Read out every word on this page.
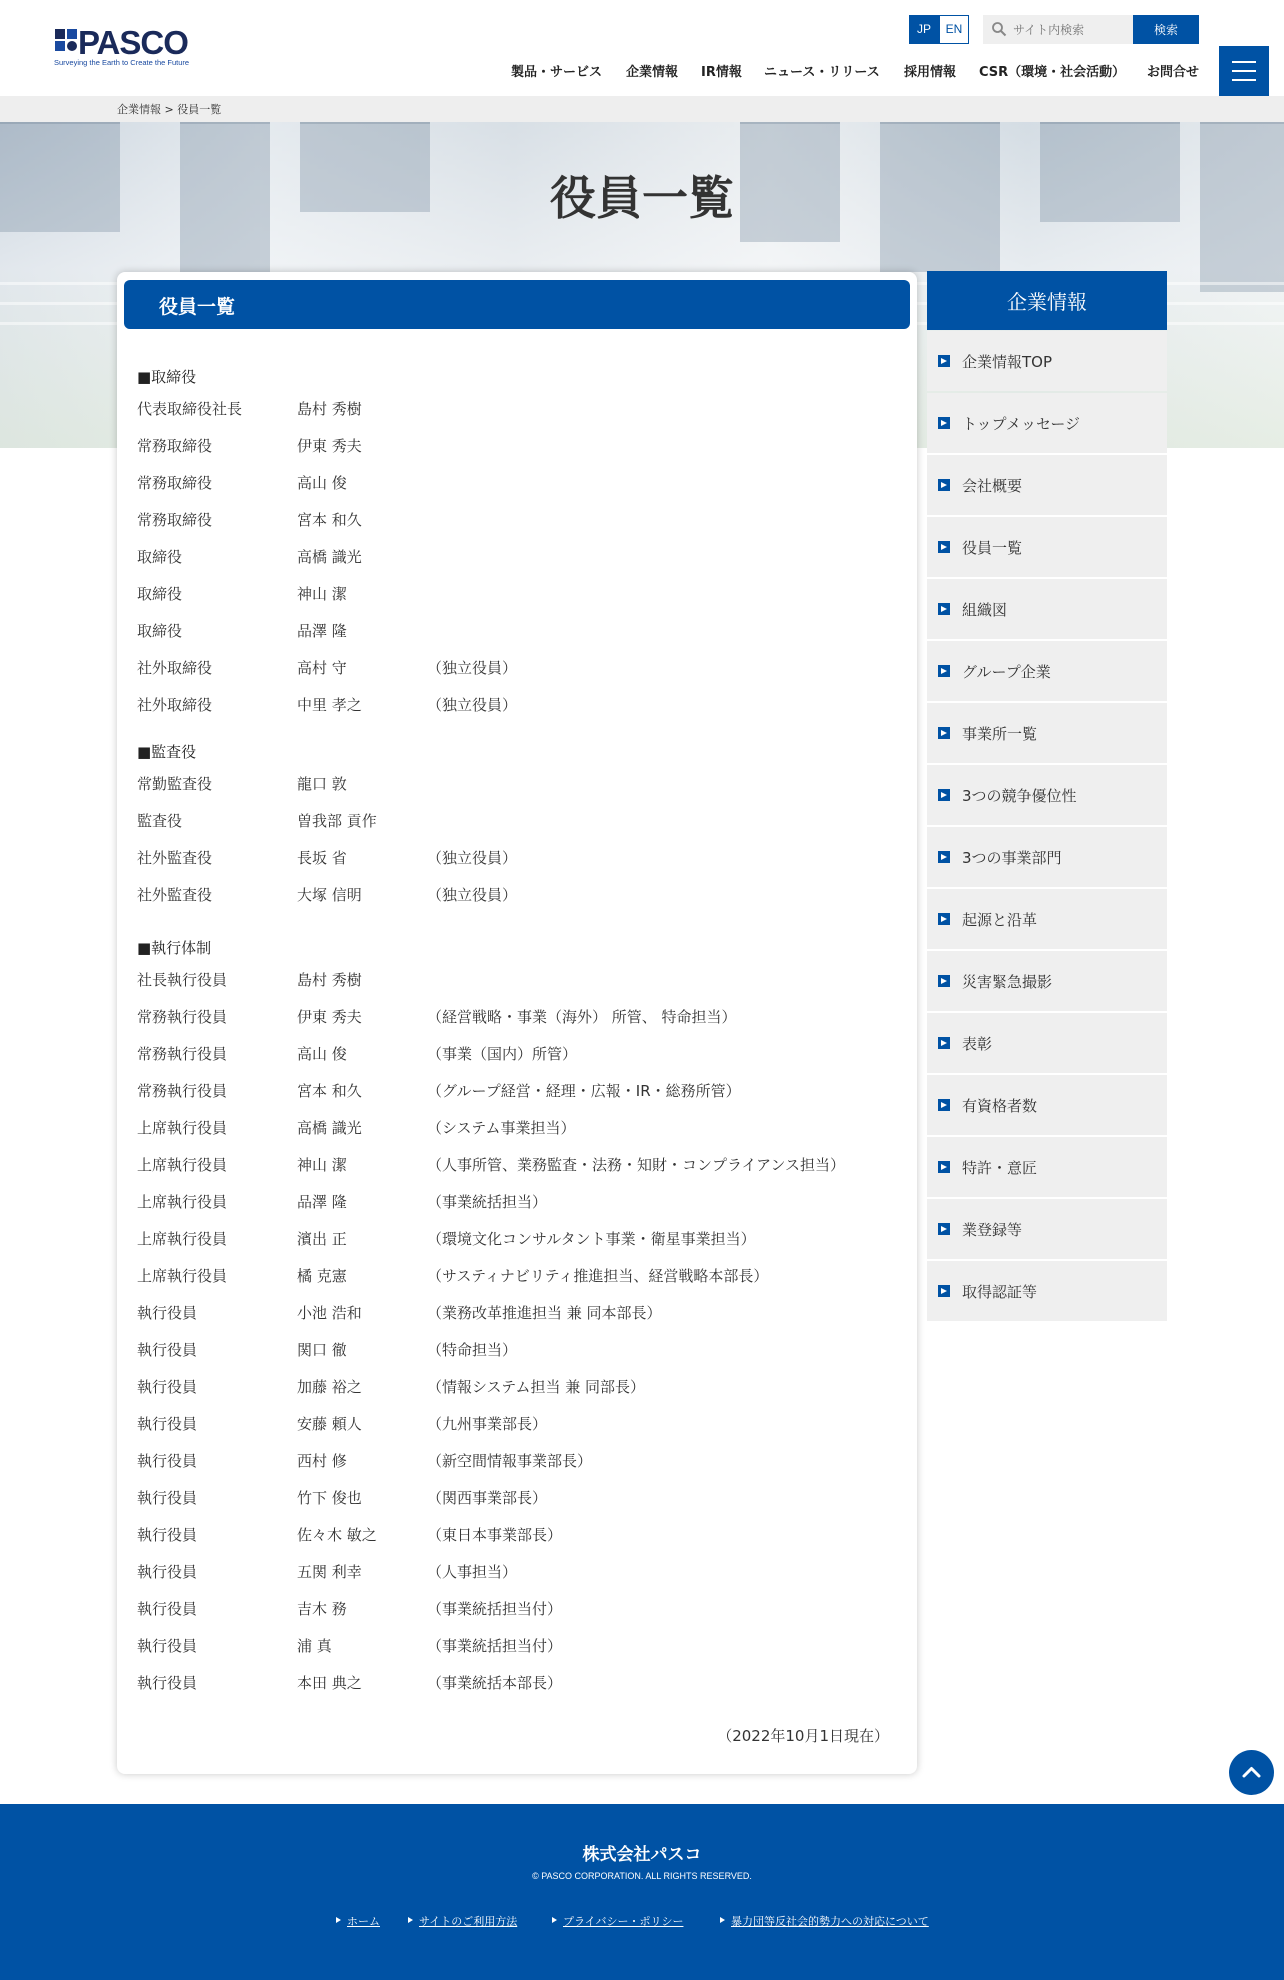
PASCO
Surveying the Earth to Create the Future
JP	EN
サイト内検索	検索
製品・サービス 企業情報 IR情報 ニュース・リリース 採用情報 CSR（環境・社会活動） お問合せ
企業情報 > 役員一覧
役員一覧
役員一覧
■取締役
代表取締役社長	島村 秀樹
常務取締役	伊東 秀夫
常務取締役	高山 俊
常務取締役	宮本 和久
取締役	高橋 識光
取締役	神山 潔
取締役	品澤 隆
社外取締役	高村 守	（独立役員）
社外取締役	中里 孝之	（独立役員）
■監査役
常勤監査役	龍口 敦
監査役	曽我部 貢作
社外監査役	長坂 省	（独立役員）
社外監査役	大塚 信明	（独立役員）
■執行体制
社長執行役員	島村 秀樹
常務執行役員	伊東 秀夫	（経営戦略・事業（海外） 所管、 特命担当）
常務執行役員	高山 俊	（事業（国内）所管）
常務執行役員	宮本 和久	（グループ経営・経理・広報・IR・総務所管）
上席執行役員	高橋 識光	（システム事業担当）
上席執行役員	神山 潔	（人事所管、業務監査・法務・知財・コンプライアンス担当）
上席執行役員	品澤 隆	（事業統括担当）
上席執行役員	濱出 正	（環境文化コンサルタント事業・衛星事業担当）
上席執行役員	橘 克憲	（サスティナビリティ推進担当、経営戦略本部長）
執行役員	小池 浩和	（業務改革推進担当 兼 同本部長）
執行役員	関口 徹	（特命担当）
執行役員	加藤 裕之	（情報システム担当 兼 同部長）
執行役員	安藤 頼人	（九州事業部長）
執行役員	西村 修	（新空間情報事業部長）
執行役員	竹下 俊也	（関西事業部長）
執行役員	佐々木 敏之	（東日本事業部長）
執行役員	五関 利幸	（人事担当）
執行役員	吉木 務	（事業統括担当付）
執行役員	浦 真	（事業統括担当付）
執行役員	本田 典之	（事業統括本部長）
（2022年10月1日現在）
企業情報
企業情報TOP
トップメッセージ
会社概要
役員一覧
組織図
グループ企業
事業所一覧
3つの競争優位性
3つの事業部門
起源と沿革
災害緊急撮影
表彰
有資格者数
特許・意匠
業登録等
取得認証等
株式会社パスコ
© PASCO CORPORATION. ALL RIGHTS RESERVED.
ホーム	サイトのご利用方法	プライバシー・ポリシー	暴力団等反社会的勢力への対応について
